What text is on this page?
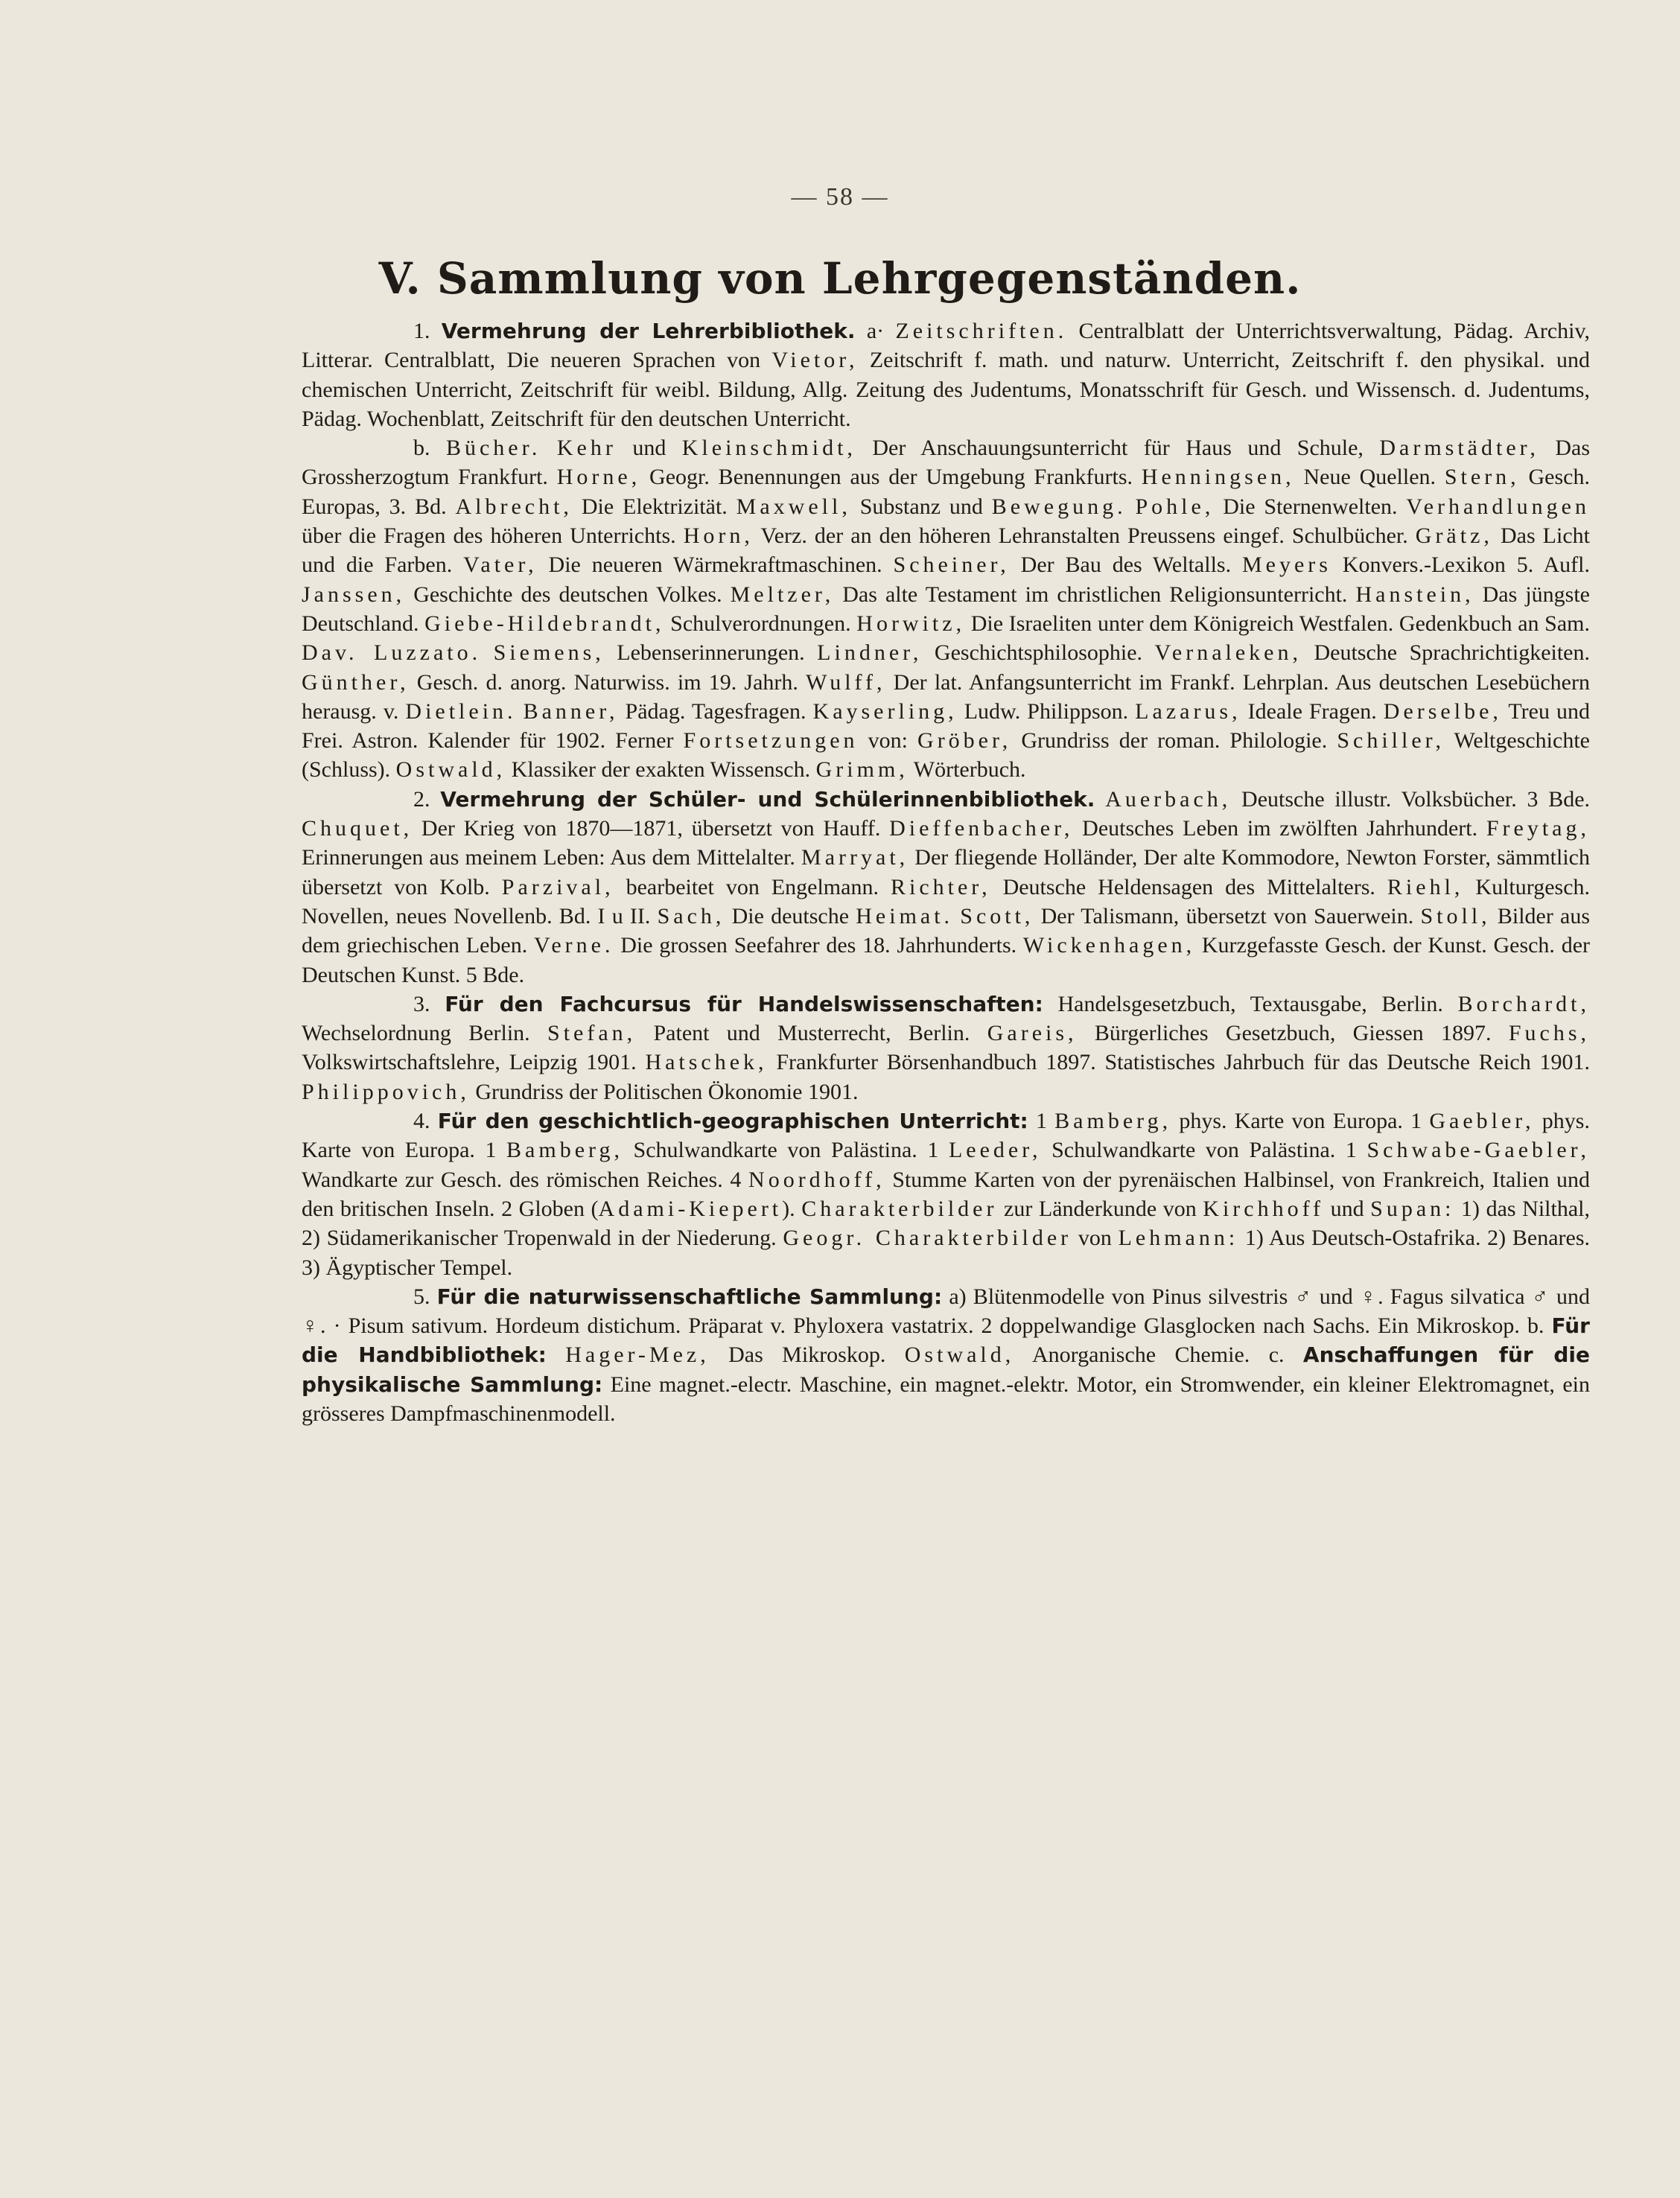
— 58 —
V. Sammlung von Lehrgegenständen.

1. Vermehrung der Lehrerbibliothek. a· Zeitschriften. Centralblatt der Unterrichtsverwaltung, Pädag. Archiv, Litterar. Centralblatt, Die neueren Sprachen von Vietor, Zeitschrift f. math. und naturw. Unterricht, Zeitschrift f. den physikal. und chemischen Unterricht, Zeitschrift für weibl. Bildung, Allg. Zeitung des Judentums, Monatsschrift für Gesch. und Wissensch. d. Judentums, Pädag. Wochenblatt, Zeitschrift für den deutschen Unterricht.

b. Bücher. Kehr und Kleinschmidt, Der Anschauungsunterricht für Haus und Schule, Darmstädter, Das Grossherzogtum Frankfurt. Horne, Geogr. Benennungen aus der Umgebung Frankfurts. Henningsen, Neue Quellen. Stern, Gesch. Europas, 3. Bd. Albrecht, Die Elektrizität. Maxwell, Substanz und Bewegung. Pohle, Die Sternenwelten. Verhandlungen über die Fragen des höheren Unterrichts. Horn, Verz. der an den höheren Lehranstalten Preussens eingef. Schulbücher. Grätz, Das Licht und die Farben. Vater, Die neueren Wärmekraftmaschinen. Scheiner, Der Bau des Weltalls. Meyers Konvers.-Lexikon 5. Aufl. Janssen, Geschichte des deutschen Volkes. Meltzer, Das alte Testament im christlichen Religionsunterricht. Hanstein, Das jüngste Deutschland. Giebe-Hildebrandt, Schulverordnungen. Horwitz, Die Israeliten unter dem Königreich Westfalen. Gedenkbuch an Sam. Dav. Luzzato. Siemens, Lebenserinnerungen. Lindner, Geschichtsphilosophie. Vernaleken, Deutsche Sprachrichtigkeiten. Günther, Gesch. d. anorg. Naturwiss. im 19. Jahrh. Wulff, Der lat. Anfangsunterricht im Frankf. Lehrplan. Aus deutschen Lesebüchern herausg. v. Dietlein. Banner, Pädag. Tagesfragen. Kayserling, Ludw. Philippson. Lazarus, Ideale Fragen. Derselbe, Treu und Frei. Astron. Kalender für 1902. Ferner Fortsetzungen von: Gröber, Grundriss der roman. Philologie. Schiller, Weltgeschichte (Schluss). Ostwald, Klassiker der exakten Wissensch. Grimm, Wörterbuch.

2. Vermehrung der Schüler- und Schülerinnenbibliothek. Auerbach, Deutsche illustr. Volksbücher. 3 Bde. Chuquet, Der Krieg von 1870—1871, übersetzt von Hauff. Dieffenbacher, Deutsches Leben im zwölften Jahrhundert. Freytag, Erinnerungen aus meinem Leben: Aus dem Mittelalter. Marryat, Der fliegende Holländer, Der alte Kommodore, Newton Forster, sämmtlich übersetzt von Kolb. Parzival, bearbeitet von Engelmann. Richter, Deutsche Heldensagen des Mittelalters. Riehl, Kulturgesch. Novellen, neues Novellenb. Bd. I u II. Sach, Die deutsche Heimat. Scott, Der Talismann, übersetzt von Sauerwein. Stoll, Bilder aus dem griechischen Leben. Verne. Die grossen Seefahrer des 18. Jahrhunderts. Wickenhagen, Kurzgefasste Gesch. der Kunst. Gesch. der Deutschen Kunst. 5 Bde.

3. Für den Fachcursus für Handelswissenschaften: Handelsgesetzbuch, Textausgabe, Berlin. Borchardt, Wechselordnung Berlin. Stefan, Patent und Musterrecht, Berlin. Gareis, Bürgerliches Gesetzbuch, Giessen 1897. Fuchs, Volkswirtschaftslehre, Leipzig 1901. Hatschek, Frankfurter Börsenhandbuch 1897. Statistisches Jahrbuch für das Deutsche Reich 1901. Philippovich, Grundriss der Politischen Ökonomie 1901.

4. Für den geschichtlich-geographischen Unterricht: 1 Bamberg, phys. Karte von Europa. 1 Gaebler, phys. Karte von Europa. 1 Bamberg, Schulwandkarte von Palästina. 1 Leeder, Schulwandkarte von Palästina. 1 Schwabe-Gaebler, Wandkarte zur Gesch. des römischen Reiches. 4 Noordhoff, Stumme Karten von der pyrenäischen Halbinsel, von Frankreich, Italien und den britischen Inseln. 2 Globen (Adami-Kiepert). Charakterbilder zur Länderkunde von Kirchhoff und Supan: 1) das Nilthal, 2) Südamerikanischer Tropenwald in der Niederung. Geogr. Charakterbilder von Lehmann: 1) Aus Deutsch-Ostafrika. 2) Benares. 3) Ägyptischer Tempel.

5. Für die naturwissenschaftliche Sammlung: a) Blütenmodelle von Pinus silvestris ♂ und ♀. Fagus silvatica ♂ und ♀. · Pisum sativum. Hordeum distichum. Präparat v. Phyloxera vastatrix. 2 doppelwandige Glasglocken nach Sachs. Ein Mikroskop. b. Für die Handbibliothek: Hager-Mez, Das Mikroskop. Ostwald, Anorganische Chemie. c. Anschaffungen für die physikalische Sammlung: Eine magnet.-electr. Maschine, ein magnet.-elektr. Motor, ein Stromwender, ein kleiner Elektromagnet, ein grösseres Dampfmaschinenmodell.
